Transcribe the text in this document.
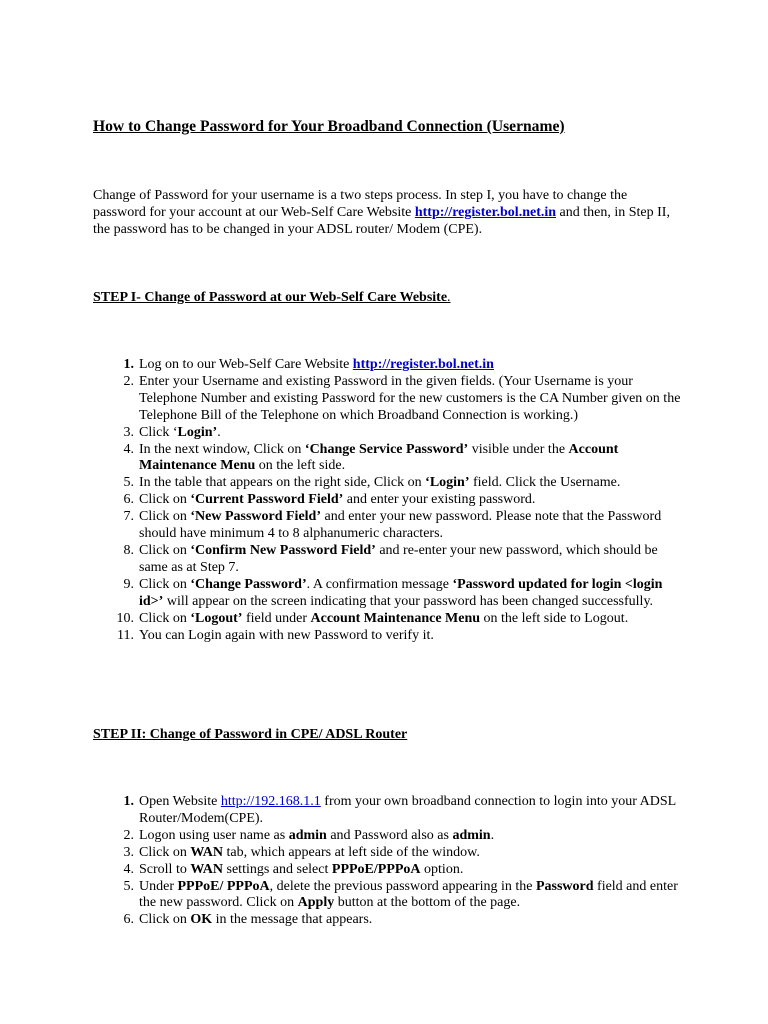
How to Change Password for Your Broadband Connection (Username)

Change of Password for your username is a two steps process. In step I, you have to change the password for your account at our Web-Self Care Website http://register.bol.net.in and then, in Step II, the password has to be changed in your ADSL router/ Modem (CPE).

STEP I- Change of Password at our Web-Self Care Website.
1. Log on to our Web-Self Care Website http://register.bol.net.in
2. Enter your Username and existing Password in the given fields. (Your Username is your Telephone Number and existing Password for the new customers is the CA Number given on the Telephone Bill of the Telephone on which Broadband Connection is working.)
3. Click ‘Login’.
4. In the next window, Click on ‘Change Service Password’ visible under the Account Maintenance Menu on the left side.
5. In the table that appears on the right side, Click on ‘Login’ field. Click the Username.
6. Click on ‘Current Password Field’ and enter your existing password.
7. Click on ‘New Password Field’ and enter your new password. Please note that the Password should have minimum 4 to 8 alphanumeric characters.
8. Click on ‘Confirm New Password Field’ and re-enter your new password, which should be same as at Step 7.
9. Click on ‘Change Password’. A confirmation message ‘Password updated for login <login id>’ will appear on the screen indicating that your password has been changed successfully.
10. Click on ‘Logout’ field under Account Maintenance Menu on the left side to Logout.
11. You can Login again with new Password to verify it.
STEP II: Change of Password in CPE/ ADSL Router
1. Open Website http://192.168.1.1 from your own broadband connection to login into your ADSL Router/Modem(CPE).
2. Logon using user name as admin and Password also as admin.
3. Click on WAN tab, which appears at left side of the window.
4. Scroll to WAN settings and select PPPoE/PPPoA option.
5. Under PPPoE/ PPPoA, delete the previous password appearing in the Password field and enter the new password. Click on Apply button at the bottom of the page.
6. Click on OK in the message that appears.
